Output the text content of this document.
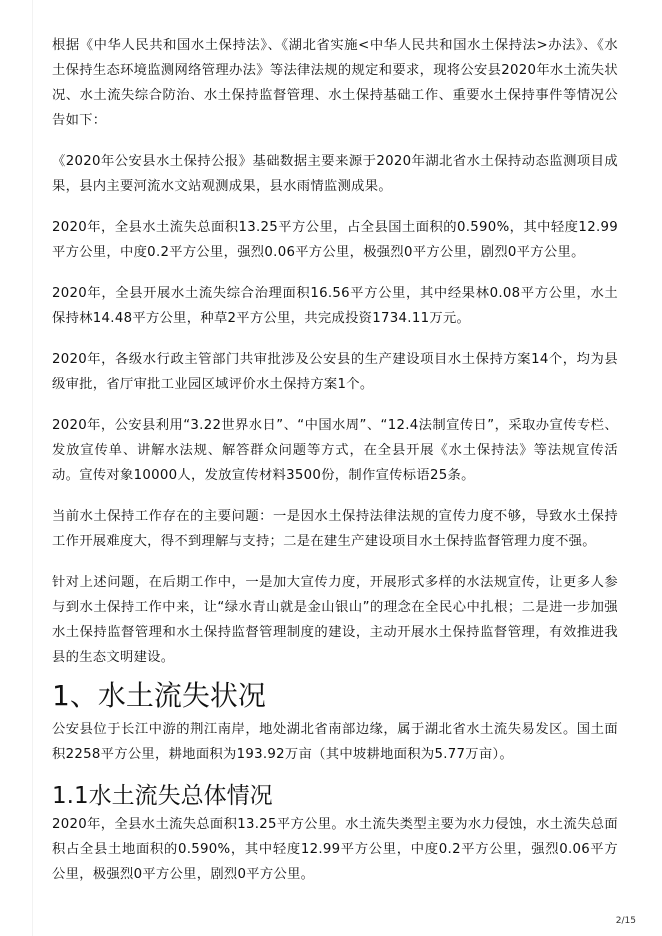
根据《中华人民共和国水土保持法》、《湖北省实施<中华人民共和国水土保持法>办法》、《水土保持生态环境监测网络管理办法》等法律法规的规定和要求，现将公安县2020年水土流失状况、水土流失综合防治、水土保持监督管理、水土保持基础工作、重要水土保持事件等情况公告如下：

《2020年公安县水土保持公报》基础数据主要来源于2020年湖北省水土保持动态监测项目成果，县内主要河流水文站观测成果，县水雨情监测成果。

2020年，全县水土流失总面积13.25平方公里，占全县国土面积的0.590%，其中轻度12.99平方公里，中度0.2平方公里，强烈0.06平方公里，极强烈0平方公里，剧烈0平方公里。

2020年，全县开展水土流失综合治理面积16.56平方公里，其中经果林0.08平方公里，水土保持林14.48平方公里，种草2平方公里，共完成投资1734.11万元。

2020年，各级水行政主管部门共审批涉及公安县的生产建设项目水土保持方案14个，均为县级审批，省厅审批工业园区域评价水土保持方案1个。

2020年，公安县利用“3.22世界水日”、“中国水周”、“12.4法制宣传日”，采取办宣传专栏、发放宣传单、讲解水法规、解答群众问题等方式，在全县开展《水土保持法》等法规宣传活动。宣传对象10000人，发放宣传材料3500份，制作宣传标语25条。

当前水土保持工作存在的主要问题：一是因水土保持法律法规的宣传力度不够，导致水土保持工作开展难度大，得不到理解与支持；二是在建生产建设项目水土保持监督管理力度不强。

针对上述问题，在后期工作中，一是加大宣传力度，开展形式多样的水法规宣传，让更多人参与到水土保持工作中来，让“绿水青山就是金山银山”的理念在全民心中扎根；二是进一步加强水土保持监督管理和水土保持监督管理制度的建设，主动开展水土保持监督管理，有效推进我县的生态文明建设。

1、水土流失状况

公安县位于长江中游的荆江南岸，地处湖北省南部边缘，属于湖北省水土流失易发区。国土面积2258平方公里，耕地面积为193.92万亩（其中坡耕地面积为5.77万亩）。

1.1水土流失总体情况

2020年，全县水土流失总面积13.25平方公里。水土流失类型主要为水力侵蚀，水土流失总面积占全县土地面积的0.590%，其中轻度12.99平方公里，中度0.2平方公里，强烈0.06平方公里，极强烈0平方公里，剧烈0平方公里。

2/15
